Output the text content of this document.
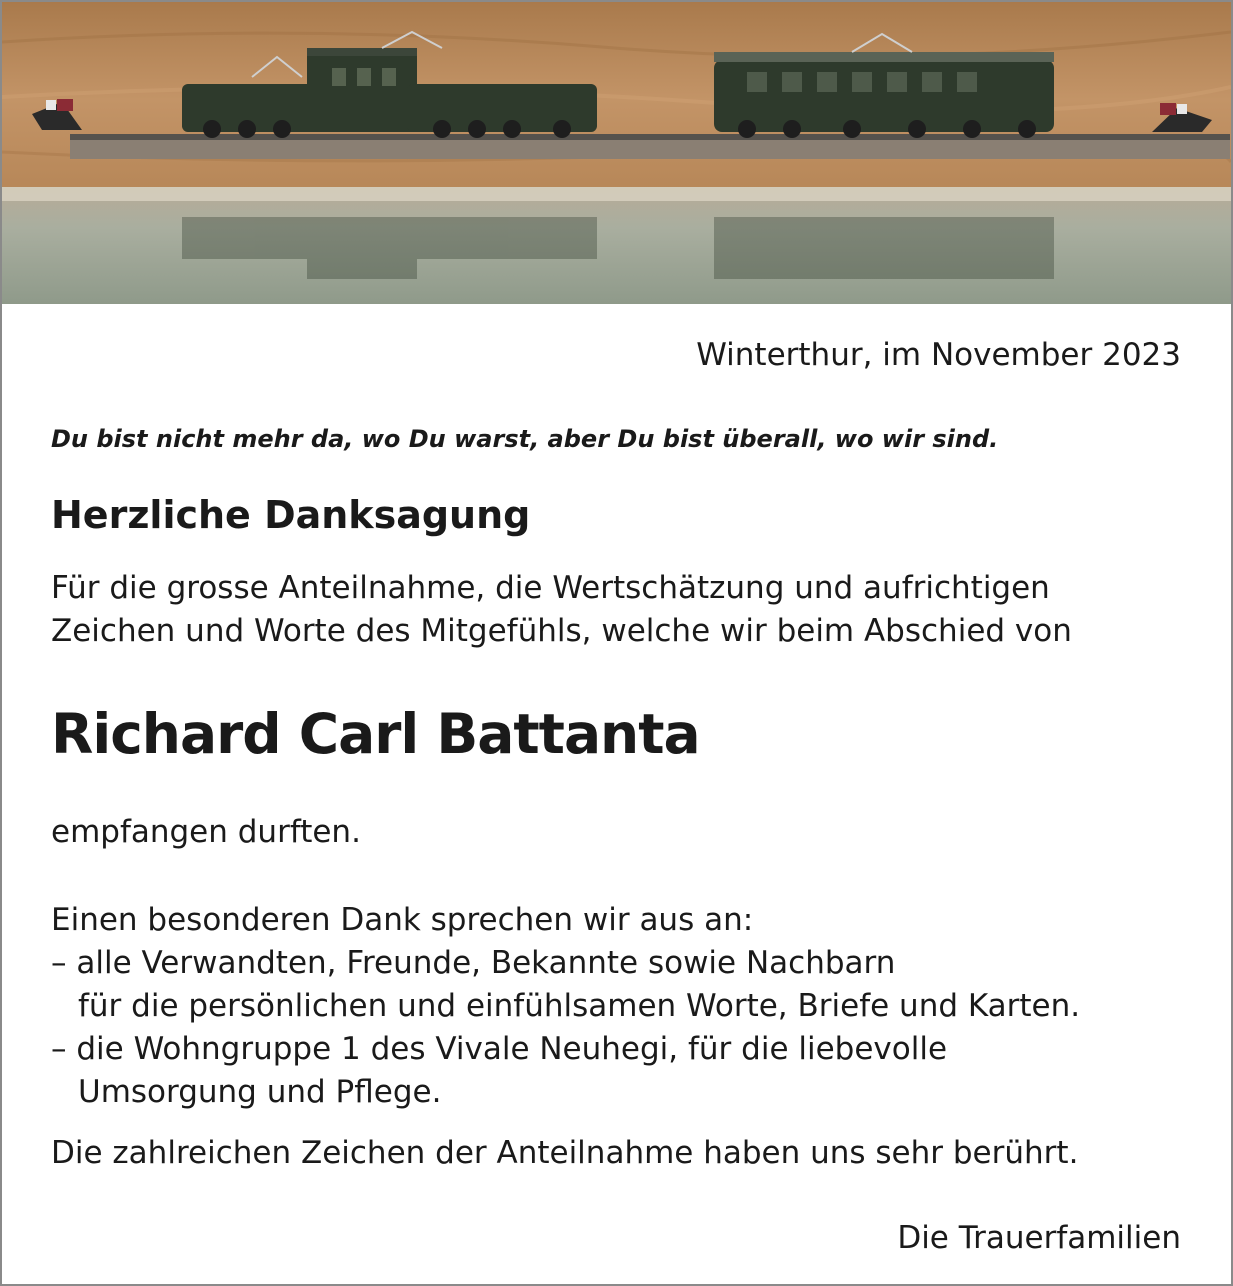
Winterthur, im November 2023
Du bist nicht mehr da, wo Du warst, aber Du bist überall, wo wir sind.
Herzliche Danksagung
Für die grosse Anteilnahme, die Wertschätzung und aufrichtigen
Zeichen und Worte des Mitgefühls, welche wir beim Abschied von
Richard Carl Battanta
empfangen durften.
Einen besonderen Dank sprechen wir aus an:
– alle Verwandten, Freunde, Bekannte sowie Nachbarn
für die persönlichen und einfühlsamen Worte, Briefe und Karten.
– die Wohngruppe 1 des Vivale Neuhegi, für die liebevolle
Umsorgung und Pflege.
Die zahlreichen Zeichen der Anteilnahme haben uns sehr berührt.
Die Trauerfamilien
